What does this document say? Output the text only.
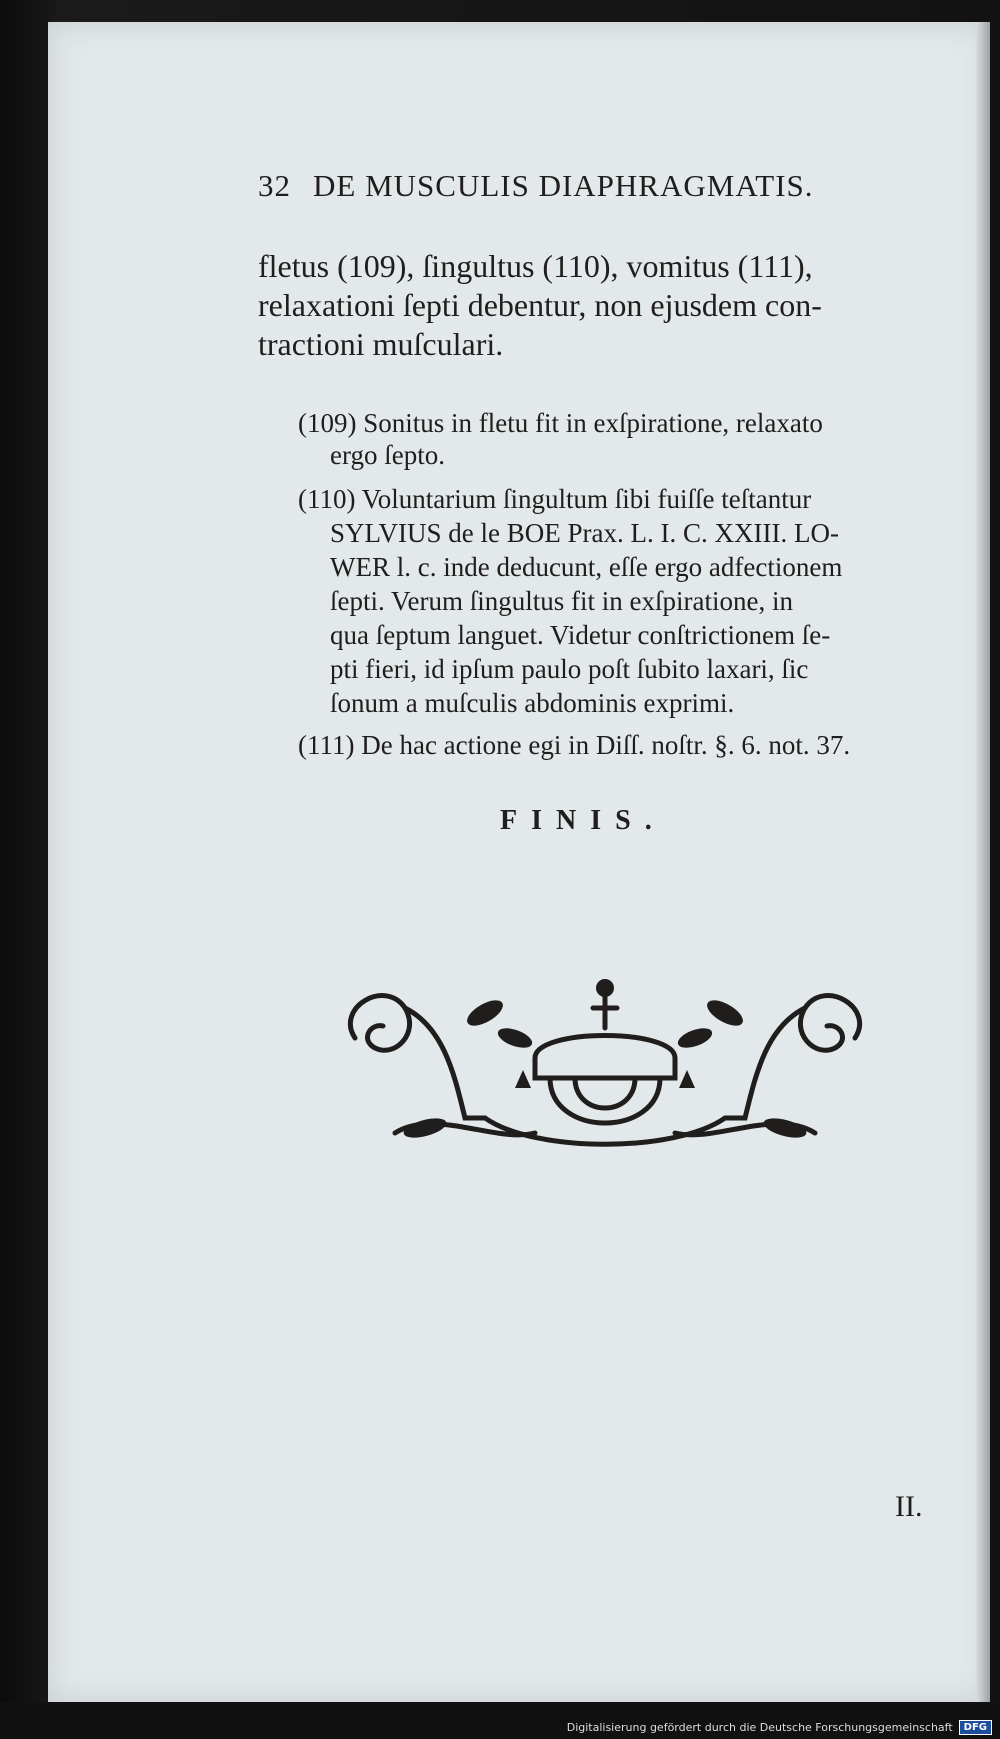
32 DE MUSCULIS DIAPHRAGMATIS.
fletus (109), ſingultus (110), vomitus (111),
relaxationi ſepti debentur, non ejusdem con-
tractioni muſculari.
(109) Sonitus in fletu fit in exſpiratione, relaxato
ergo ſepto.
(110) Voluntarium ſingultum ſibi fuiſſe teſtantur
SYLVIUS de le BOE Prax. L. I. C. XXIII. LO-
WER l. c. inde deducunt, eſſe ergo adfectionem
ſepti. Verum ſingultus fit in exſpiratione, in
qua ſeptum languet. Videtur conſtrictionem ſe-
pti fieri, id ipſum paulo poſt ſubito laxari, ſic
ſonum a muſculis abdominis exprimi.
(111) De hac actione egi in Diſſ. noſtr. §. 6. not. 37.
FINIS.
II.
Digitalisierung gefördert durch die Deutsche Forschungsgemeinschaft	DFG
